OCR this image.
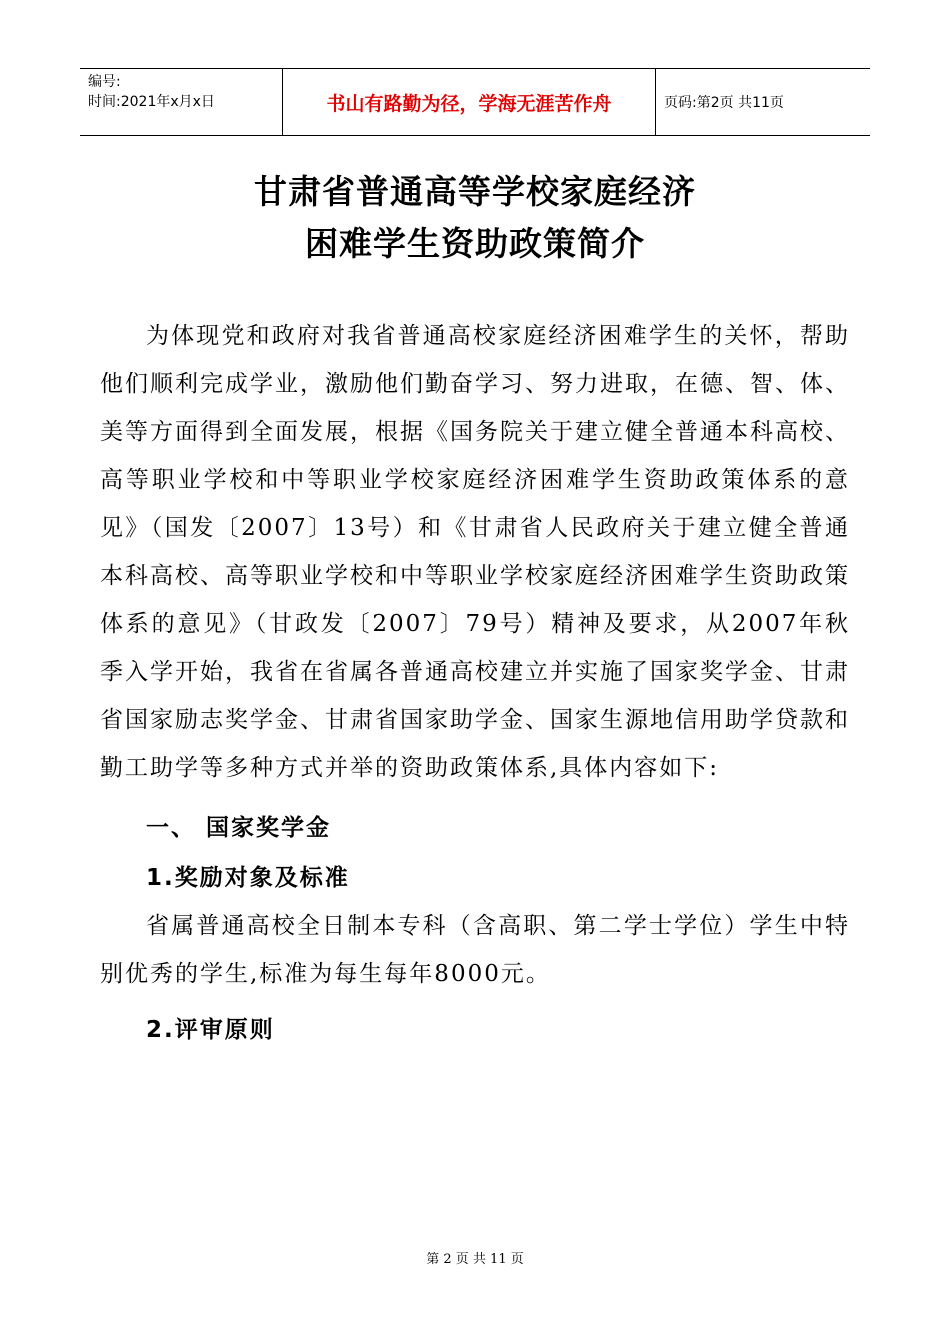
编号:
时间:2021年x月x日	书山有路勤为径，学海无涯苦作舟	页码:第2页 共11页
甘肃省普通高等学校家庭经济
困难学生资助政策简介

为体现党和政府对我省普通高校家庭经济困难学生的关怀，帮助他们顺利完成学业，激励他们勤奋学习、努力进取，在德、智、体、美等方面得到全面发展，根据《国务院关于建立健全普通本科高校、高等职业学校和中等职业学校家庭经济困难学生资助政策体系的意见》（国发〔2007〕13号）和《甘肃省人民政府关于建立健全普通本科高校、高等职业学校和中等职业学校家庭经济困难学生资助政策体系的意见》（甘政发〔2007〕79号）精神及要求，从2007年秋季入学开始，我省在省属各普通高校建立并实施了国家奖学金、甘肃省国家励志奖学金、甘肃省国家助学金、国家生源地信用助学贷款和勤工助学等多种方式并举的资助政策体系,具体内容如下:

一、 国家奖学金

1.奖励对象及标准

省属普通高校全日制本专科（含高职、第二学士学位）学生中特别优秀的学生,标准为每生每年8000元。

2.评审原则

第 2 页 共 11 页
